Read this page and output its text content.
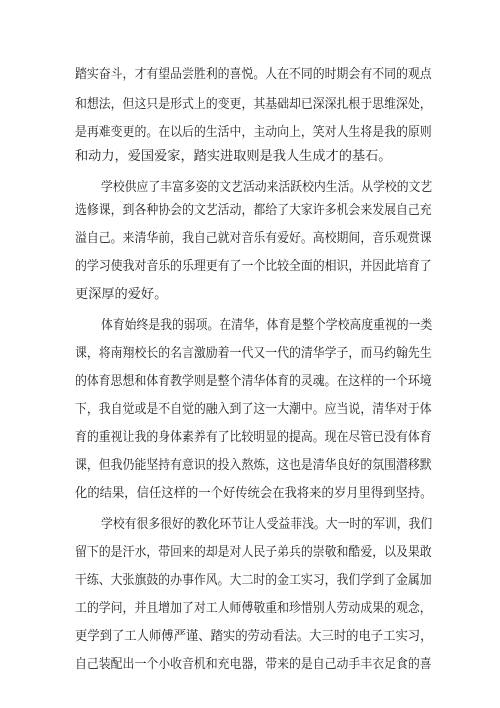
踏实奋斗，才有望品尝胜利的喜悦。人在不同的时期会有不同的观点
和想法，但这只是形式上的变更，其基础却已深深扎根于思维深处，
是再难变更的。在以后的生活中，主动向上，笑对人生将是我的原则
和动力，爱国爱家，踏实进取则是我人生成才的基石。
学校供应了丰富多姿的文艺活动来活跃校内生活。从学校的文艺
选修课，到各种协会的文艺活动，都给了大家许多机会来发展自己充
溢自己。来清华前，我自己就对音乐有爱好。高校期间，音乐观赏课
的学习使我对音乐的乐理更有了一个比较全面的相识，并因此培育了
更深厚的爱好。
体育始终是我的弱项。在清华，体育是整个学校高度重视的一类
课，将南翔校长的名言激励着一代又一代的清华学子，而马约翰先生
的体育思想和体育教学则是整个清华体育的灵魂。在这样的一个环境
下，我自觉或是不自觉的融入到了这一大潮中。应当说，清华对于体
育的重视让我的身体素养有了比较明显的提高。现在尽管已没有体育
课，但我仍能坚持有意识的投入熬炼，这也是清华良好的氛围潜移默
化的结果，信任这样的一个好传统会在我将来的岁月里得到坚持。
学校有很多很好的教化环节让人受益菲浅。大一时的军训，我们
留下的是汗水，带回来的却是对人民子弟兵的崇敬和酷爱，以及果敢
干练、大张旗鼓的办事作风。大二时的金工实习，我们学到了金属加
工的学问，并且增加了对工人师傅敬重和珍惜别人劳动成果的观念，
更学到了工人师傅严谨、踏实的劳动看法。大三时的电子工实习，
自己装配出一个小收音机和充电器，带来的是自己动手丰衣足食的喜
